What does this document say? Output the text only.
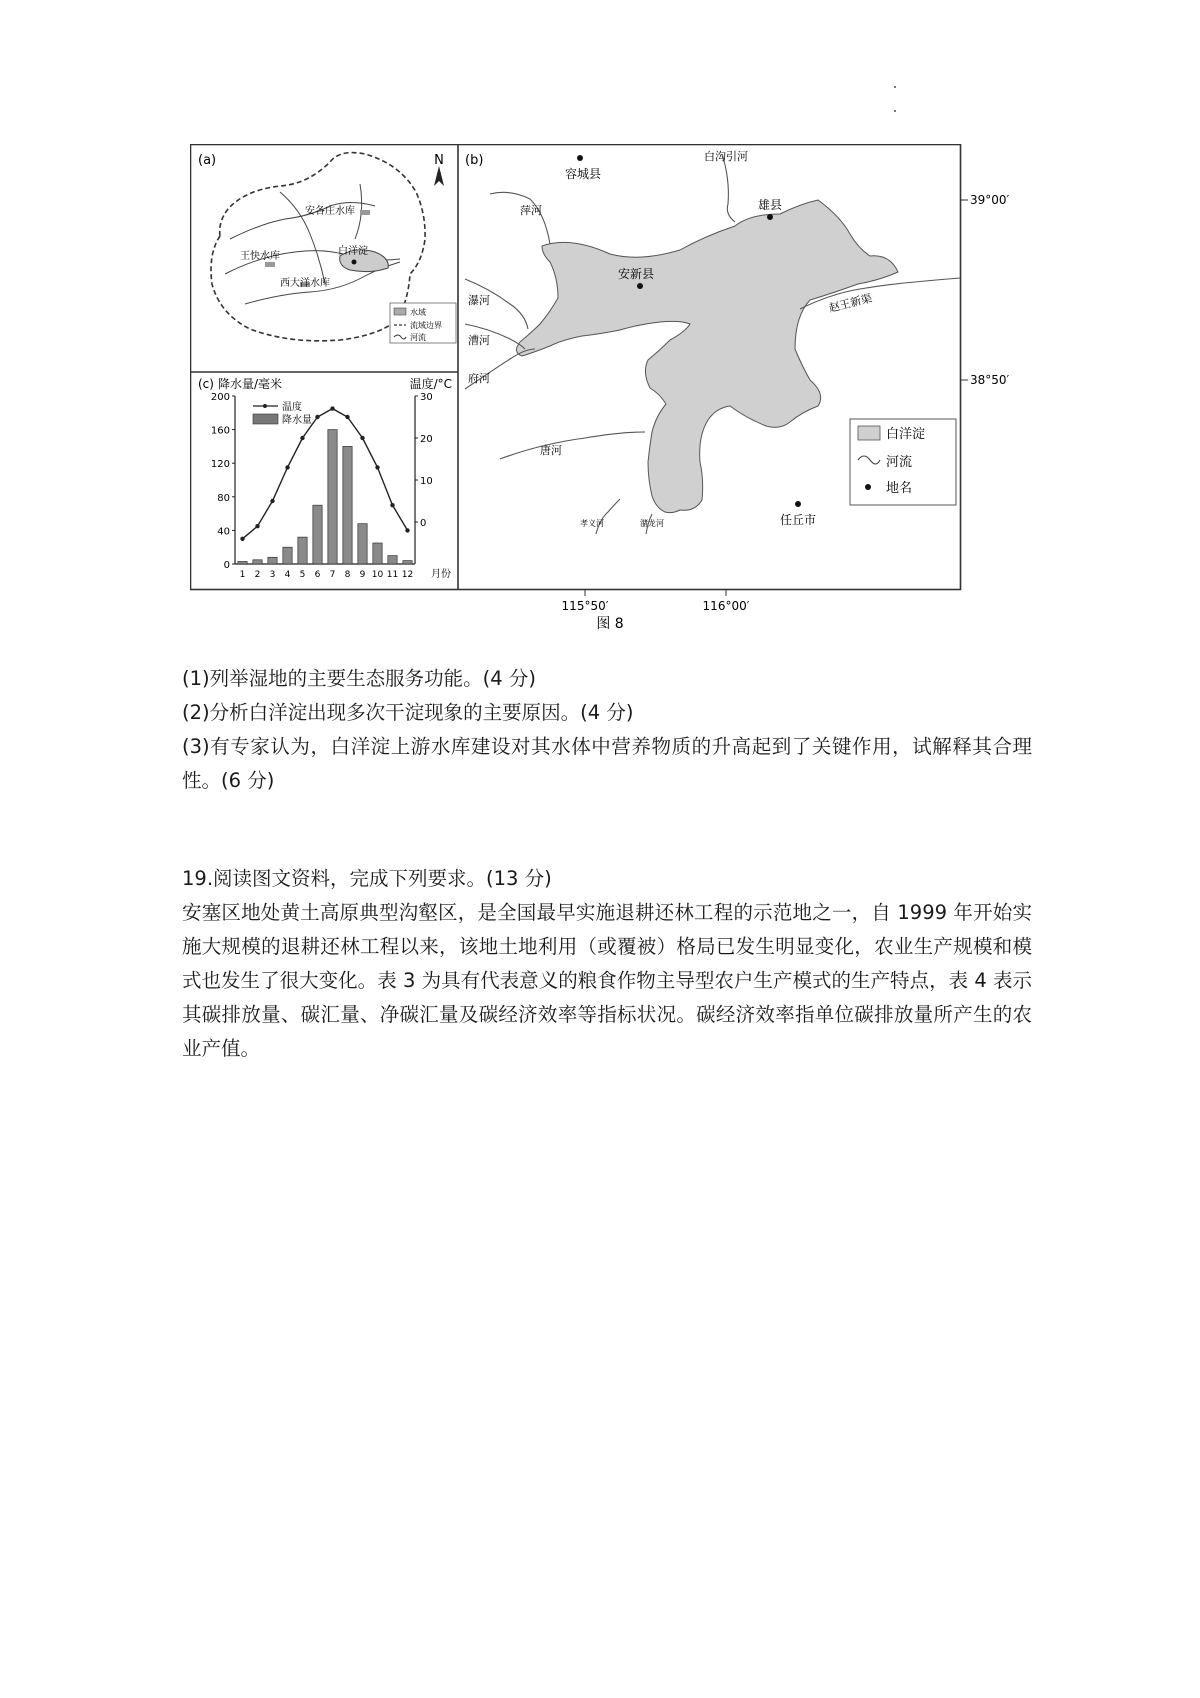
(a)	N
安各庄水库
王快水库
西大洋水库
白洋淀
水域
流域边界
河流
(c) 降水量/毫米	温度/°C
200
160
120
80
40
0
30
20
10
0
1 2 3 4 5 6 7 8 9 10 11 12 月份
温度
降水量
(b)
容城县
雄县
安新县
任丘市
白沟引河
萍河
瀑河
漕河
府河
唐河
孝义河	潴龙河
赵王新渠
39°00′
38°50′
115°50′	116°00′
白洋淀
河流
地名
图 8

(1)列举湿地的主要生态服务功能。(4 分)

(2)分析白洋淀出现多次干淀现象的主要原因。(4 分)

(3)有专家认为，白洋淀上游水库建设对其水体中营养物质的升高起到了关键作用，试解释其合理性。(6 分)

19.阅读图文资料，完成下列要求。(13 分)

安塞区地处黄土高原典型沟壑区，是全国最早实施退耕还林工程的示范地之一，自 1999 年开始实施大规模的退耕还林工程以来，该地土地利用（或覆被）格局已发生明显变化，农业生产规模和模式也发生了很大变化。表 3 为具有代表意义的粮食作物主导型农户生产模式的生产特点，表 4 表示其碳排放量、碳汇量、净碳汇量及碳经济效率等指标状况。碳经济效率指单位碳排放量所产生的农业产值。
